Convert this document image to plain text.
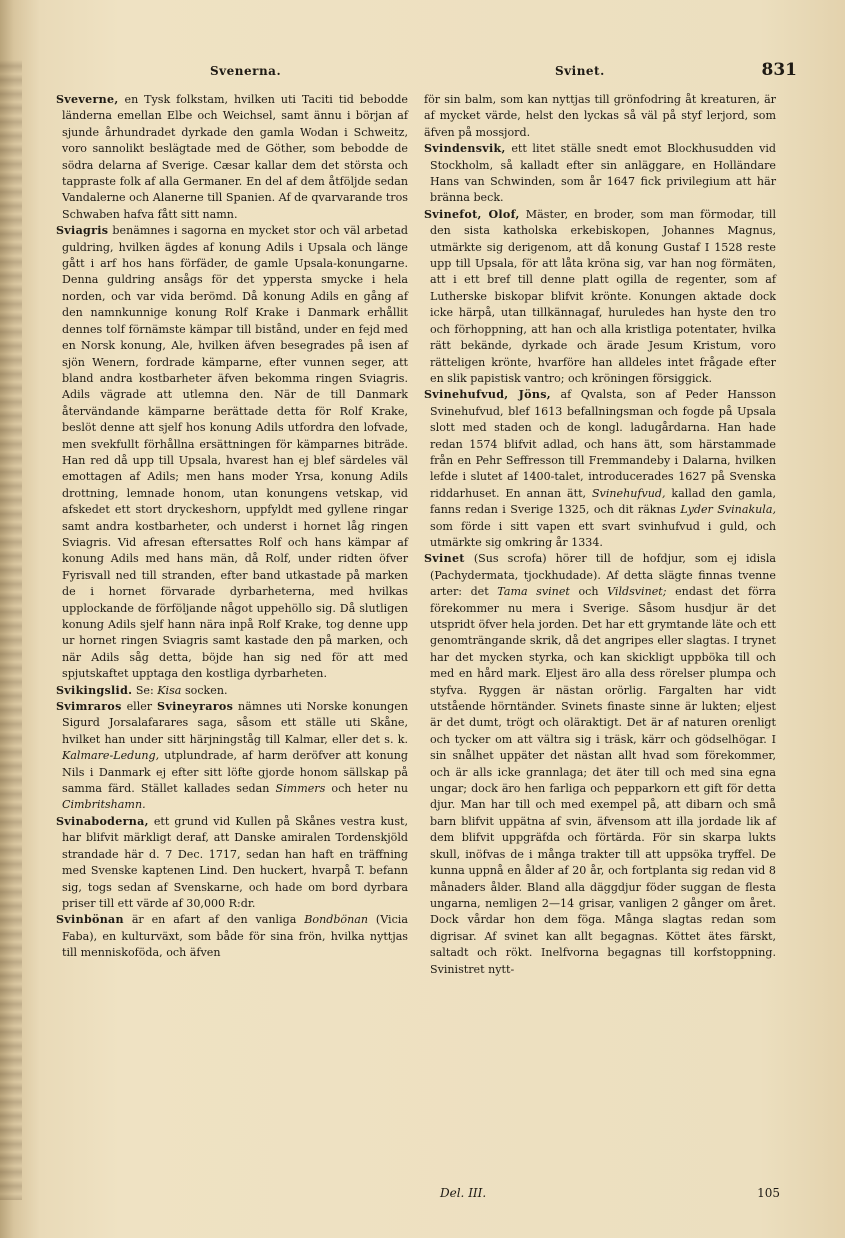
Svenerna.	Svinet.	831

Sveverne, en Tysk folkstam, hvilken uti Taciti tid bebodde länderna emellan Elbe och Weichsel, samt ännu i början af sjunde århundradet dyrkade den gamla Wodan i Schweitz, voro sannolikt beslägtade med de Göther, som bebodde de södra delarna af Sverige. Cæsar kallar dem det största och tappraste folk af alla Germaner. En del af dem åtföljde sedan Vandalerne och Alanerne till Spanien. Af de qvarvarande tros Schwaben hafva fått sitt namn.

Sviagris benämnes i sagorna en mycket stor och väl arbetad guldring, hvilken ägdes af konung Adils i Upsala och länge gått i arf hos hans förfäder, de gamle Upsala-konungarne. Denna guldring ansågs för det yppersta smycke i hela norden, och var vida berömd. Då konung Adils en gång af den namnkunnige konung Rolf Krake i Danmark erhållit dennes tolf förnämste kämpar till bistånd, under en fejd med en Norsk konung, Ale, hvilken äfven besegrades på isen af sjön Wenern, fordrade kämparne, efter vunnen seger, att bland andra kostbarheter äfven bekomma ringen Sviagris. Adils vägrade att utlemna den. När de till Danmark återvändande kämparne berättade detta för Rolf Krake, beslöt denne att sjelf hos konung Adils utfordra den lofvade, men svekfullt förhållna ersättningen för kämparnes biträde. Han red då upp till Upsala, hvarest han ej blef särdeles väl emottagen af Adils; men hans moder Yrsa, konung Adils drottning, lemnade honom, utan konungens vetskap, vid afskedet ett stort dryckeshorn, uppfyldt med gyllene ringar samt andra kostbarheter, och underst i hornet låg ringen Sviagris. Vid afresan eftersattes Rolf och hans kämpar af konung Adils med hans män, då Rolf, under ridten öfver Fyrisvall ned till stranden, efter band utkastade på marken de i hornet förvarade dyrbarheterna, med hvilkas upplockande de förföljande något uppehöllo sig. Då slutligen konung Adils sjelf hann nära inpå Rolf Krake, tog denne upp ur hornet ringen Sviagris samt kastade den på marken, och när Adils såg detta, böjde han sig ned för att med spjutskaftet upptaga den kostliga dyrbarheten.

Svikingslid. Se: Kisa socken.

Svimraros eller Svineyraros nämnes uti Norske konungen Sigurd Jorsalafarares saga, såsom ett ställe uti Skåne, hvilket han under sitt härjningståg till Kalmar, eller det s. k. Kalmare-Ledung, utplundrade, af harm deröfver att konung Nils i Danmark ej efter sitt löfte gjorde honom sällskap på samma färd. Stället kallades sedan Simmers och heter nu Cimbritshamn.

Svinaboderna, ett grund vid Kullen på Skånes vestra kust, har blifvit märkligt deraf, att Danske amiralen Tordenskjöld strandade här d. 7 Dec. 1717, sedan han haft en träffning med Svenske kaptenen Lind. Den huckert, hvarpå T. befann sig, togs sedan af Svenskarne, och hade om bord dyrbara priser till ett värde af 30,000 R:dr.

Svinbönan är en afart af den vanliga Bondbönan (Vicia Faba), en kulturväxt, som både för sina frön, hvilka nyttjas till menniskoföda, och äfven

för sin balm, som kan nyttjas till grönfodring åt kreaturen, är af mycket värde, helst den lyckas så väl på styf lerjord, som äfven på mossjord.

Svindensvik, ett litet ställe snedt emot Blockhusudden vid Stockholm, så kalladt efter sin anläggare, en Holländare Hans van Schwinden, som år 1647 fick privilegium att här bränna beck.

Svinefot, Olof, Mäster, en broder, som man förmodar, till den sista katholska erkebiskopen, Johannes Magnus, utmärkte sig derigenom, att då konung Gustaf I 1528 reste upp till Upsala, för att låta kröna sig, var han nog förmäten, att i ett bref till denne platt ogilla de regenter, som af Lutherske biskopar blifvit krönte. Konungen aktade dock icke härpå, utan tillkännagaf, huruledes han hyste den tro och förhoppning, att han och alla kristliga potentater, hvilka rätt bekände, dyrkade och ärade Jesum Kristum, voro rätteligen krönte, hvarföre han alldeles intet frågade efter en slik papistisk vantro; och kröningen försiggick.

Svinehufvud, Jöns, af Qvalsta, son af Peder Hansson Svinehufvud, blef 1613 befallningsman och fogde på Upsala slott med staden och de kongl. ladugårdarna. Han hade redan 1574 blifvit adlad, och hans ätt, som härstammade från en Pehr Seffresson till Fremmandeby i Dalarna, hvilken lefde i slutet af 1400-talet, introducerades 1627 på Svenska riddarhuset. En annan ätt, Svinehufvud, kallad den gamla, fanns redan i Sverige 1325, och dit räknas Lyder Svinakula, som förde i sitt vapen ett svart svinhufvud i guld, och utmärkte sig omkring år 1334.

Svinet (Sus scrofa) hörer till de hofdjur, som ej idisla (Pachydermata, tjockhudade). Af detta slägte finnas tvenne arter: det Tama svinet och Vildsvinet; endast det förra förekommer nu mera i Sverige. Såsom husdjur är det utspridt öfver hela jorden. Det har ett grymtande läte och ett genomträngande skrik, då det angripes eller slagtas. I trynet har det mycken styrka, och kan skickligt uppböka till och med en hård mark. Eljest äro alla dess rörelser plumpa och styfva. Ryggen är nästan orörlig. Fargalten har vidt utstående hörntänder. Svinets finaste sinne är lukten; eljest är det dumt, trögt och oläraktigt. Det är af naturen orenligt och tycker om att vältra sig i träsk, kärr och gödselhögar. I sin snålhet uppäter det nästan allt hvad som förekommer, och är alls icke grannlaga; det äter till och med sina egna ungar; dock äro hen farliga och pepparkorn ett gift för detta djur. Man har till och med exempel på, att dibarn och små barn blifvit uppätna af svin, äfvensom att illa jordade lik af dem blifvit uppgräfda och förtärda. För sin skarpa lukts skull, inöfvas de i många trakter till att uppsöka tryffel. De kunna uppnå en ålder af 20 år, och fortplanta sig redan vid 8 månaders ålder. Bland alla däggdjur föder suggan de flesta ungarna, nemligen 2—14 grisar, vanligen 2 gånger om året. Dock vårdar hon dem föga. Många slagtas redan som digrisar. Af svinet kan allt begagnas. Köttet ätes färskt, saltadt och rökt. Inelfvorna begagnas till korfstoppning. Svinistret nytt-

Del. III.	105
